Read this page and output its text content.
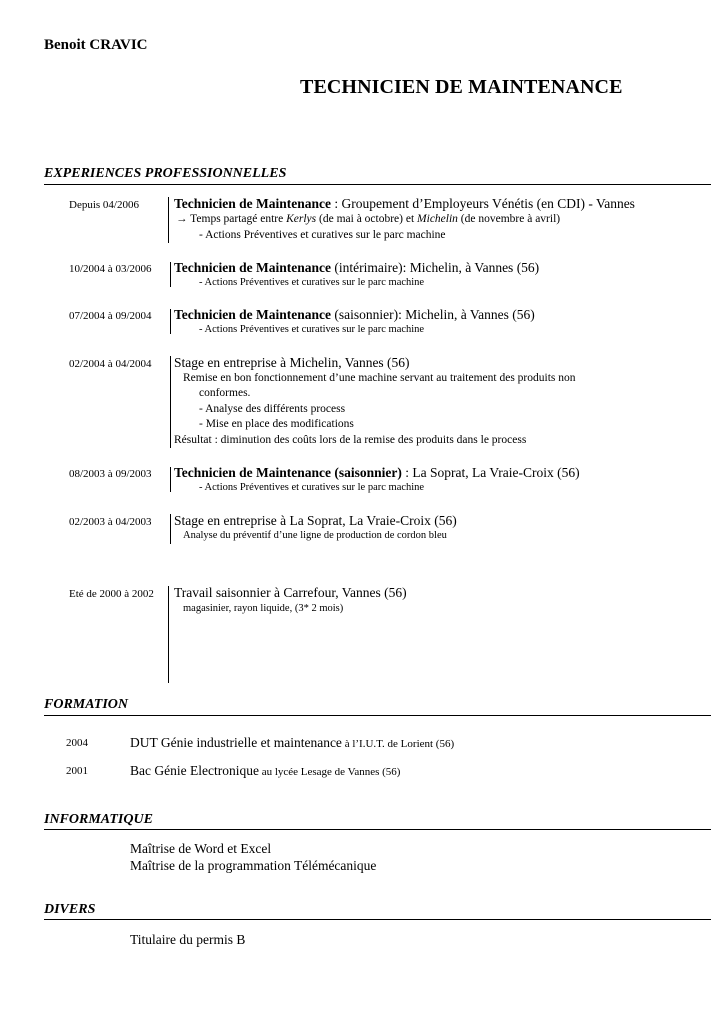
Benoit CRAVIC
TECHNICIEN DE MAINTENANCE
EXPERIENCES PROFESSIONNELLES
Depuis 04/2006	Technicien de Maintenance : Groupement d’Employeurs Vénétis (en CDI) - Vannes
→ Temps partagé entre Kerlys (de mai à octobre) et Michelin (de novembre à avril)
- Actions Préventives et curatives sur le parc machine
10/2004 à 03/2006 Technicien de Maintenance (intérimaire): Michelin, à Vannes (56)
- Actions Préventives et curatives sur le parc machine
07/2004 à 09/2004 Technicien de Maintenance (saisonnier): Michelin, à Vannes (56)
- Actions Préventives et curatives sur le parc machine
02/2004 à 04/2004 Stage en entreprise à Michelin, Vannes (56)
Remise en bon fonctionnement d’une machine servant au traitement des produits non
conformes.
- Analyse des différents process
- Mise en place des modifications
Résultat : diminution des coûts lors de la remise des produits dans le process
08/2003 à 09/2003 Technicien de Maintenance (saisonnier) : La Soprat, La Vraie-Croix (56)
- Actions Préventives et curatives sur le parc machine
02/2003 à 04/2003 Stage en entreprise à La Soprat, La Vraie-Croix (56)
Analyse du préventif d’une ligne de production de cordon bleu
Eté de 2000 à 2002 Travail saisonnier à Carrefour, Vannes (56)
magasinier, rayon liquide, (3* 2 mois)
FORMATION
2004	DUT Génie industrielle et maintenance à l’I.U.T. de Lorient (56)
2001	Bac Génie Electronique au lycée Lesage de Vannes (56)
INFORMATIQUE
Maîtrise de Word et Excel
Maîtrise de la programmation Télémécanique
DIVERS
Titulaire du permis B
